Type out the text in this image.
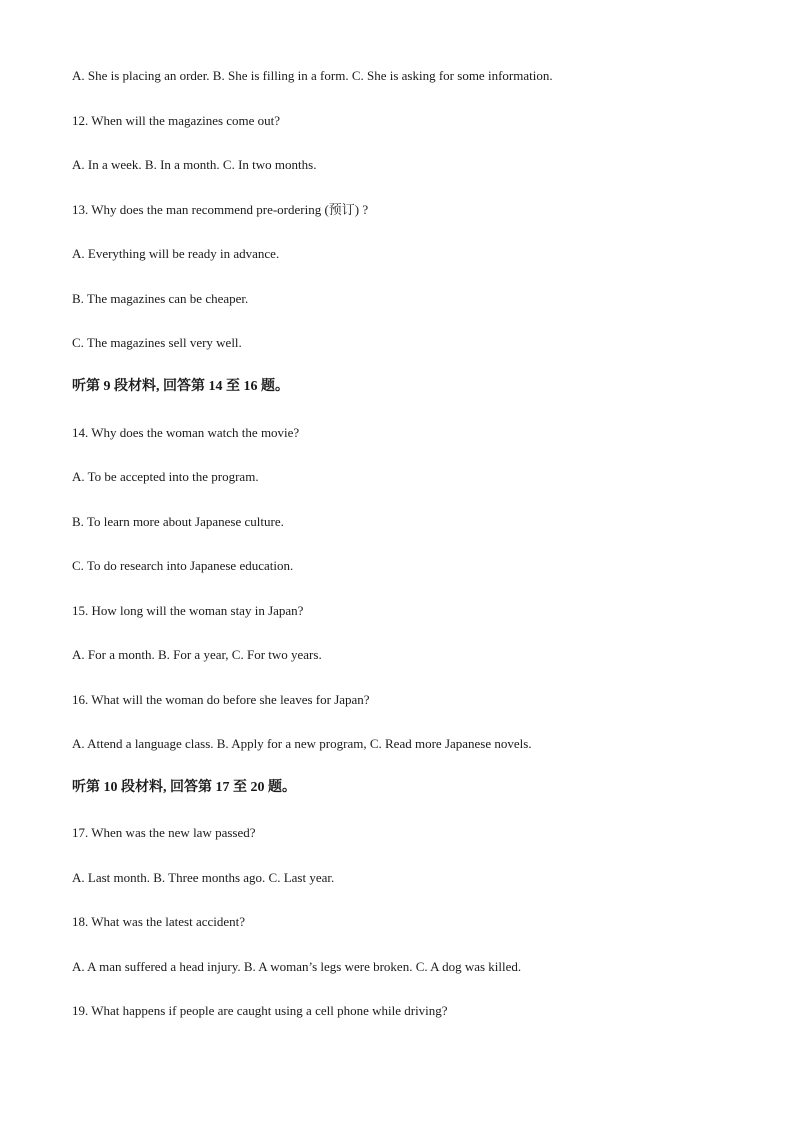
A. She is placing an order. B. She is filling in a form. C. She is asking for some information.
12. When will the magazines come out?
A. In a week. B. In a month. C. In two months.
13. Why does the man recommend pre-ordering (预订) ?
A. Everything will be ready in advance.
B. The magazines can be cheaper.
C. The magazines sell very well.
听第 9 段材料, 回答第 14 至 16 题。
14. Why does the woman watch the movie?
A. To be accepted into the program.
B. To learn more about Japanese culture.
C. To do research into Japanese education.
15. How long will the woman stay in Japan?
A. For a month. B. For a year, C. For two years.
16. What will the woman do before she leaves for Japan?
A. Attend a language class. B. Apply for a new program, C. Read more Japanese novels.
听第 10 段材料, 回答第 17 至 20 题。
17. When was the new law passed?
A. Last month. B. Three months ago. C. Last year.
18. What was the latest accident?
A. A man suffered a head injury. B. A woman’s legs were broken. C. A dog was killed.
19. What happens if people are caught using a cell phone while driving?
